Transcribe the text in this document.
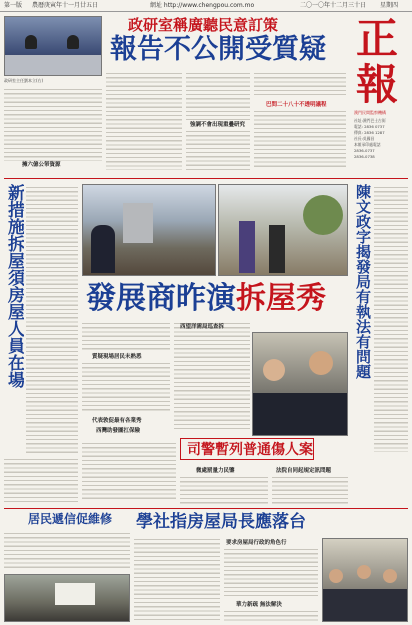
第一版 農曆庚寅年十一月廿五日	網址 http://www.chengpou.com.mo	二〇一〇年十二月三十日 星期四
政研室主任劉本立(右)
政研室稱廣聽民意訂策
報告不公開受質疑
擁六億公帑資源
強調不會出現重疊研究
巴問二十八十不透明議程
正
報
澳門民間監察機構
社址:澳門巴士古街
電話: 2836 0737
傳真: 2836 1287
社長:吳國昌
本報承印處電話
2836-0737
2836-0738
新措施拆屋須房屋人員在場 發展商昨演拆屋秀
質疑現場居民未熟悉
代表敦促最有各業秀
西灣助發圖扛保險
西望洋需局巡查拆	陳文政字揭發局有執法有問題
司警暫列普通傷人案
微處罰量力民鑒	法院自同起規定訊問題
居民遞信促維修 學社指房屋局長應落台
要求房屋局行政的角色行
華力新疏 無法解決
